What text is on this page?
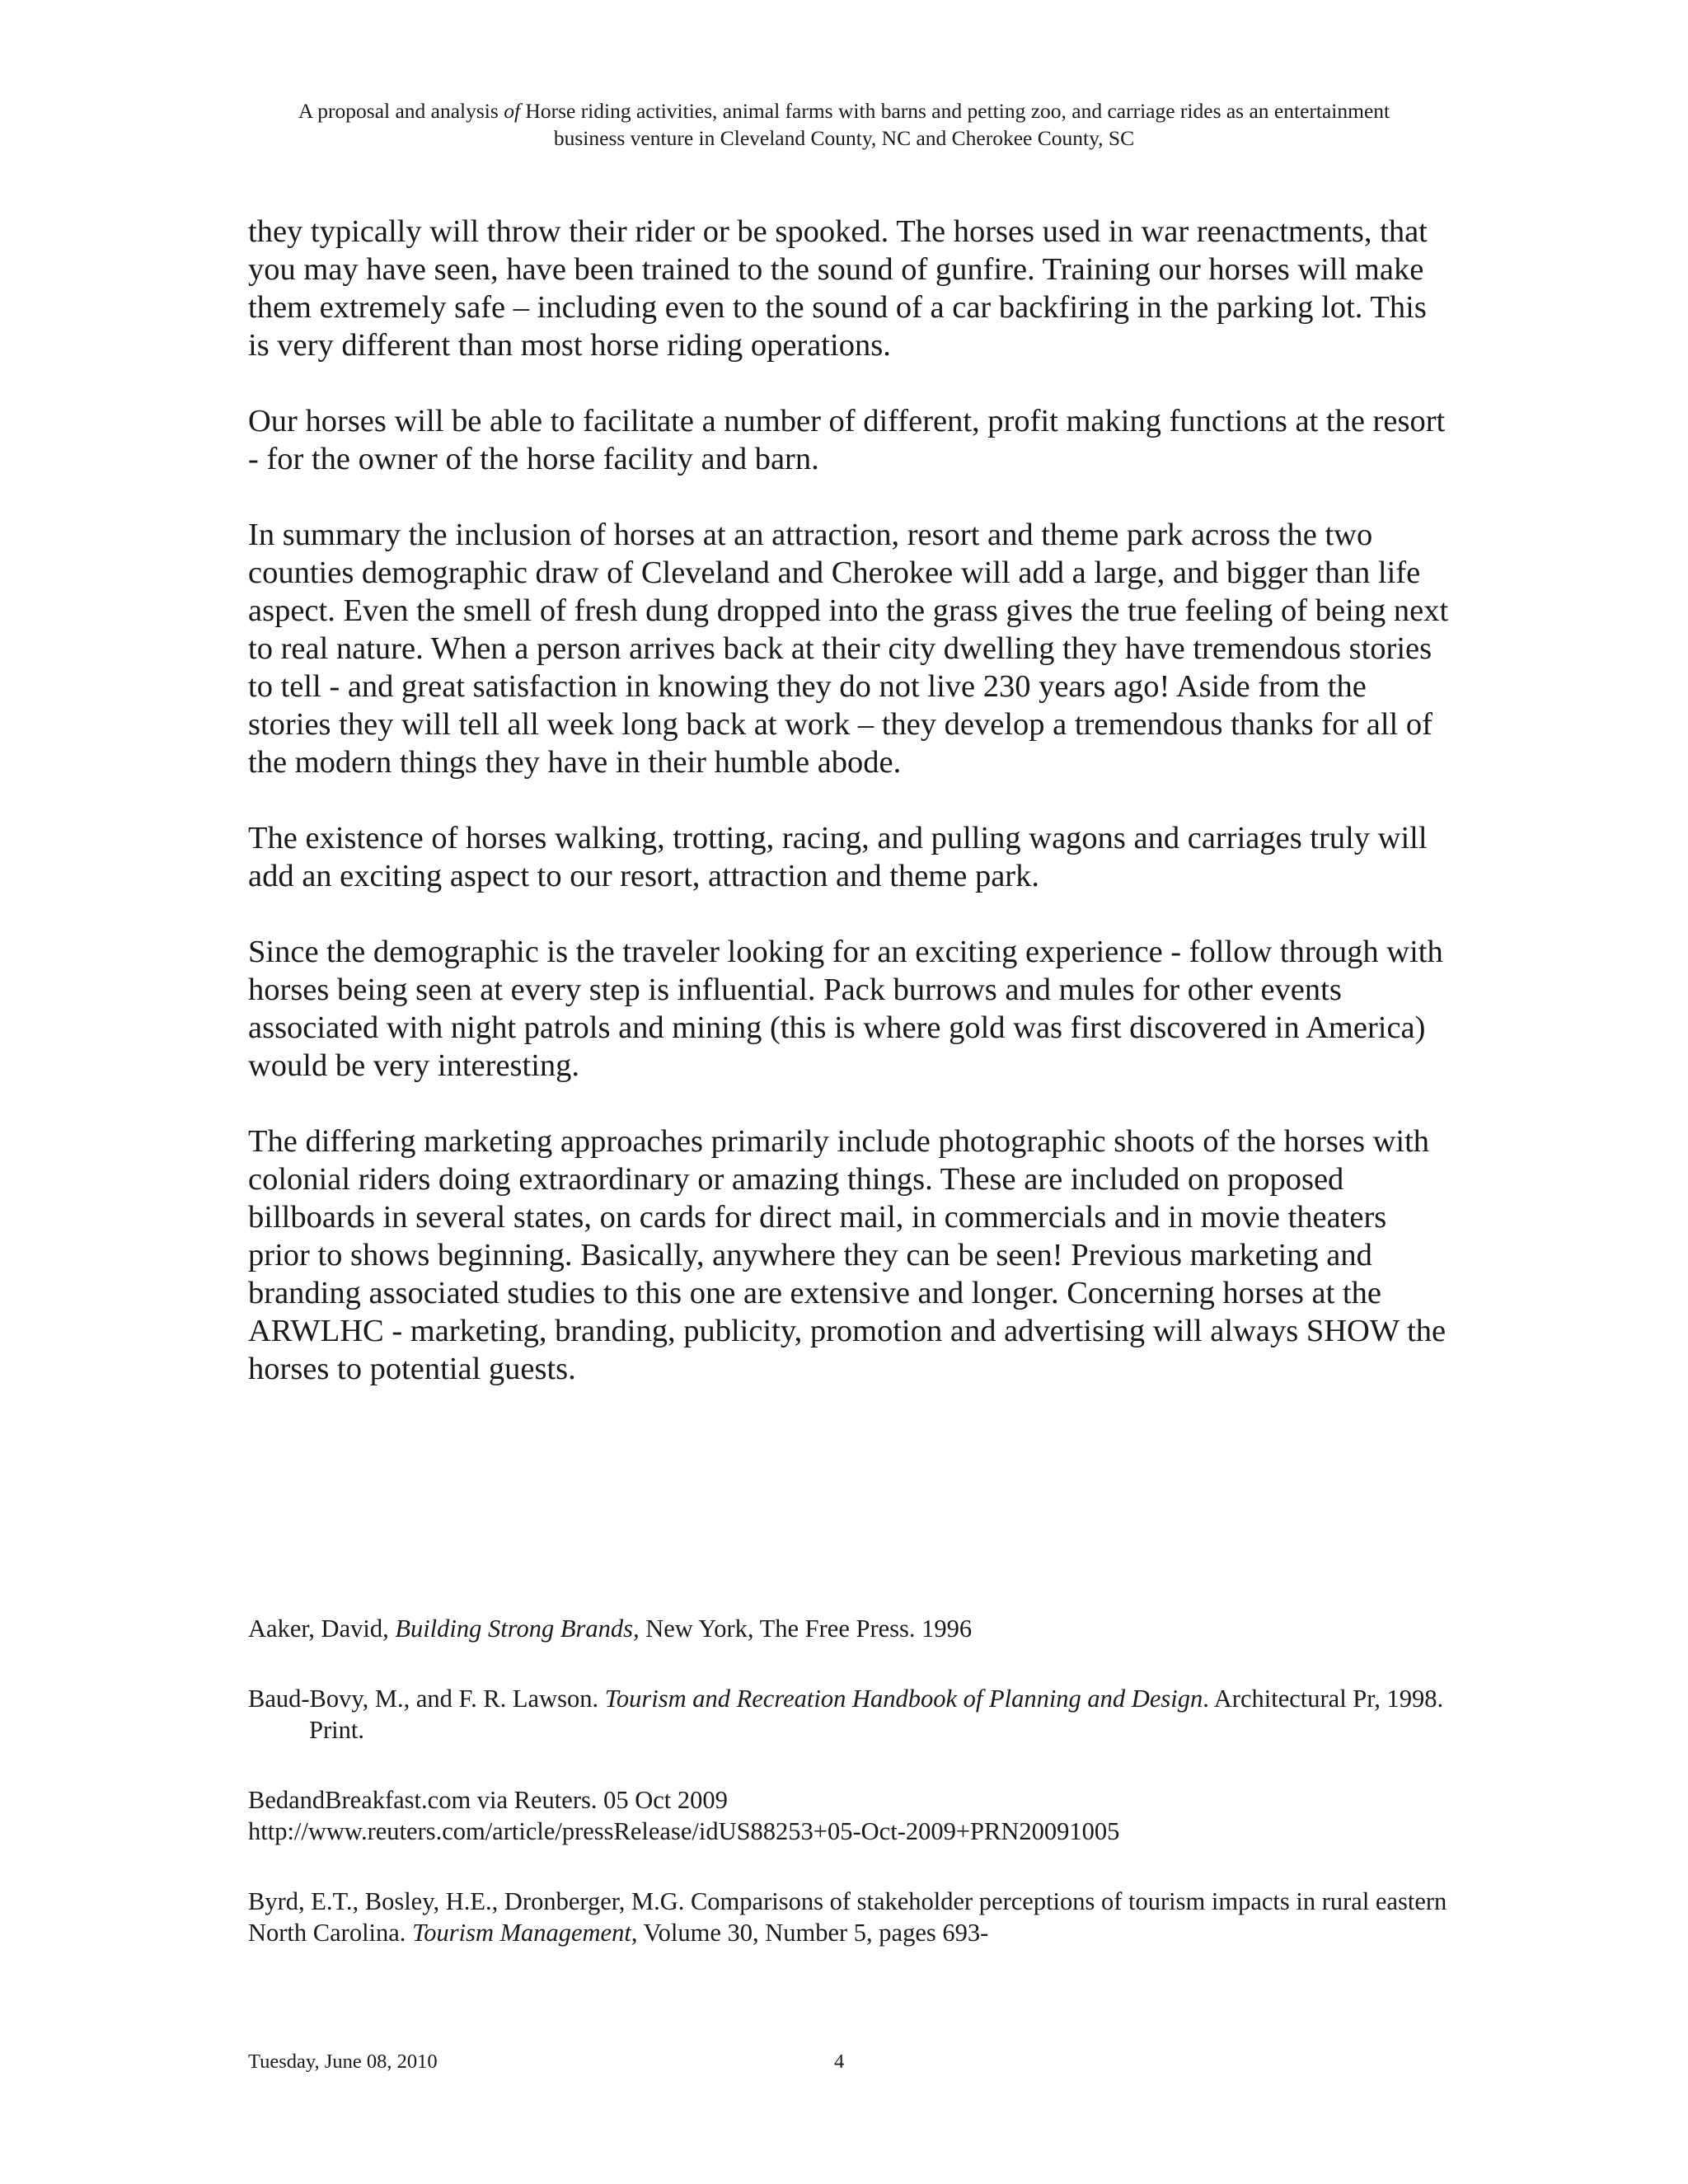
A proposal and analysis of Horse riding activities, animal farms with barns and petting zoo, and carriage rides as an entertainment
business venture in Cleveland County, NC and Cherokee County, SC

they typically will throw their rider or be spooked. The horses used in war reenactments, that you may have seen, have been trained to the sound of gunfire. Training our horses will make them extremely safe – including even to the sound of a car backfiring in the parking lot. This is very different than most horse riding operations.

Our horses will be able to facilitate a number of different, profit making functions at the resort - for the owner of the horse facility and barn.

In summary the inclusion of horses at an attraction, resort and theme park across the two counties demographic draw of Cleveland and Cherokee will add a large, and bigger than life aspect. Even the smell of fresh dung dropped into the grass gives the true feeling of being next to real nature. When a person arrives back at their city dwelling they have tremendous stories to tell - and great satisfaction in knowing they do not live 230 years ago! Aside from the stories they will tell all week long back at work – they develop a tremendous thanks for all of the modern things they have in their humble abode.

The existence of horses walking, trotting, racing, and pulling wagons and carriages truly will add an exciting aspect to our resort, attraction and theme park.

Since the demographic is the traveler looking for an exciting experience - follow through with horses being seen at every step is influential. Pack burrows and mules for other events associated with night patrols and mining (this is where gold was first discovered in America) would be very interesting.

The differing marketing approaches primarily include photographic shoots of the horses with colonial riders doing extraordinary or amazing things. These are included on proposed billboards in several states, on cards for direct mail, in commercials and in movie theaters prior to shows beginning. Basically, anywhere they can be seen! Previous marketing and branding associated studies to this one are extensive and longer. Concerning horses at the ARWLHC - marketing, branding, publicity, promotion and advertising will always SHOW the horses to potential guests.

Aaker, David, Building Strong Brands, New York, The Free Press. 1996
Baud-Bovy, M., and F. R. Lawson. Tourism and Recreation Handbook of Planning and Design. Architectural Pr, 1998. Print.
BedandBreakfast.com via Reuters. 05 Oct 2009
http://www.reuters.com/article/pressRelease/idUS88253+05-Oct-2009+PRN20091005
Byrd, E.T., Bosley, H.E., Dronberger, M.G. Comparisons of stakeholder perceptions of tourism impacts in rural eastern North Carolina. Tourism Management, Volume 30, Number 5, pages 693-
Tuesday, June 08, 2010	4
